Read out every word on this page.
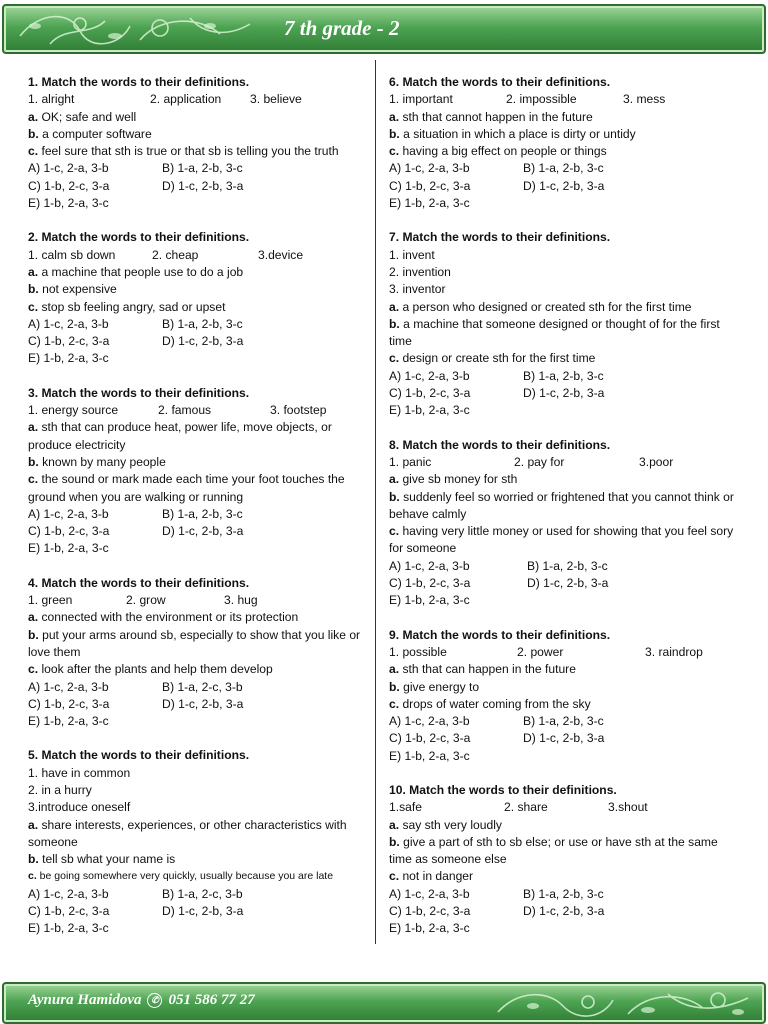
7 th grade - 2
1. Match the words to their definitions.
1. alright	2. application	3. believe
a. OK; safe and well
b. a computer software
c. feel sure that sth is true or that sb is telling you the truth
A) 1-c, 2-a, 3-b	B) 1-a, 2-b, 3-c
C) 1-b, 2-c, 3-a	D) 1-c, 2-b, 3-a
E) 1-b, 2-a, 3-c
2. Match the words to their definitions.
1. calm sb down	2. cheap	3.device
a. a machine that people use to do a job
b. not expensive
c. stop sb feeling angry, sad or upset
A) 1-c, 2-a, 3-b	B) 1-a, 2-b, 3-c
C) 1-b, 2-c, 3-a	D) 1-c, 2-b, 3-a
E) 1-b, 2-a, 3-c
3. Match the words to their definitions.
1. energy source	2. famous	3. footstep
a. sth that can produce heat, power life, move objects, or produce electricity
b. known by many people
c. the sound or mark made each time your foot touches the ground when you are walking or running
A) 1-c, 2-a, 3-b	B) 1-a, 2-b, 3-c
C) 1-b, 2-c, 3-a	D) 1-c, 2-b, 3-a
E) 1-b, 2-a, 3-c
4. Match the words to their definitions.
1. green	2. grow	3. hug
a. connected with the environment or its protection
b. put your arms around sb, especially to show that you like or love them
c. look after the plants and help them develop
A) 1-c, 2-a, 3-b	B) 1-a, 2-c, 3-b
C) 1-b, 2-c, 3-a	D) 1-c, 2-b, 3-a
E) 1-b, 2-a, 3-c
5. Match the words to their definitions.
1. have in common
2. in a hurry
3.introduce oneself
a. share interests, experiences, or other characteristics with someone
b. tell sb what your name is
c. be going somewhere very quickly, usually because you are late
A) 1-c, 2-a, 3-b	B) 1-a, 2-c, 3-b
C) 1-b, 2-c, 3-a	D) 1-c, 2-b, 3-a
E) 1-b, 2-a, 3-c
6. Match the words to their definitions.
1. important	2. impossible	3. mess
a. sth that cannot happen in the future
b. a situation in which a place is dirty or untidy
c. having a big effect on people or things
A) 1-c, 2-a, 3-b	B) 1-a, 2-b, 3-c
C) 1-b, 2-c, 3-a	D) 1-c, 2-b, 3-a
E) 1-b, 2-a, 3-c
7. Match the words to their definitions.
1. invent
2. invention
3. inventor
a. a person who designed or created sth for the first time
b. a machine that someone designed or thought of for the first time
c. design or create sth for the first time
A) 1-c, 2-a, 3-b	B) 1-a, 2-b, 3-c
C) 1-b, 2-c, 3-a	D) 1-c, 2-b, 3-a
E) 1-b, 2-a, 3-c
8. Match the words to their definitions.
1. panic	2. pay for	3.poor
a. give sb money for sth
b. suddenly feel so worried or frightened that you cannot think or behave calmly
c. having very little money or used for showing that you feel sory for someone
A) 1-c, 2-a, 3-b	B) 1-a, 2-b, 3-c
C) 1-b, 2-c, 3-a	D) 1-c, 2-b, 3-a
E) 1-b, 2-a, 3-c
9. Match the words to their definitions.
1. possible	2. power	3. raindrop
a. sth that can happen in the future
b. give energy to
c. drops of water coming from the sky
A) 1-c, 2-a, 3-b	B) 1-a, 2-b, 3-c
C) 1-b, 2-c, 3-a	D) 1-c, 2-b, 3-a
E) 1-b, 2-a, 3-c
10. Match the words to their definitions.
1.safe	2. share	3.shout
a. say sth very loudly
b. give a part of sth to sb else; or use or have sth at the same time as someone else
c. not in danger
A) 1-c, 2-a, 3-b	B) 1-a, 2-b, 3-c
C) 1-b, 2-c, 3-a	D) 1-c, 2-b, 3-a
E) 1-b, 2-a, 3-c
Aynura Hamidova	✆ 051 586 77 27
